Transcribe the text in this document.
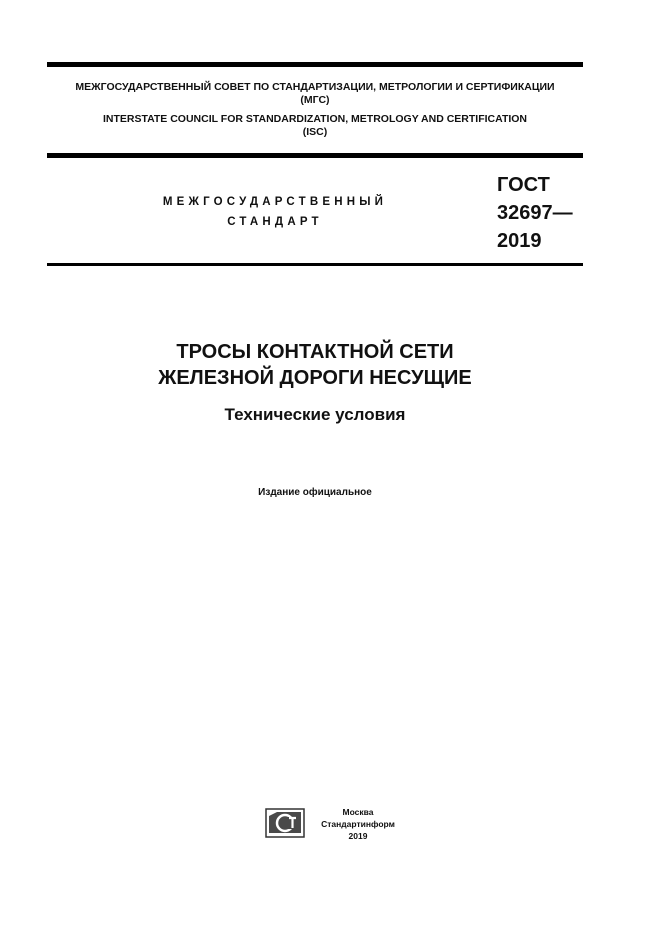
МЕЖГОСУДАРСТВЕННЫЙ СОВЕТ ПО СТАНДАРТИЗАЦИИ, МЕТРОЛОГИИ И СЕРТИФИКАЦИИ
(МГС)
INTERSTATE COUNCIL FOR STANDARDIZATION, METROLOGY AND CERTIFICATION
(ISC)
МЕЖГОСУДАРСТВЕННЫЙ
СТАНДАРТ
ГОСТ
32697—
2019
ТРОСЫ КОНТАКТНОЙ СЕТИ
ЖЕЛЕЗНОЙ ДОРОГИ НЕСУЩИЕ
Технические условия
Издание официальное
Москва
Стандартинформ
2019
